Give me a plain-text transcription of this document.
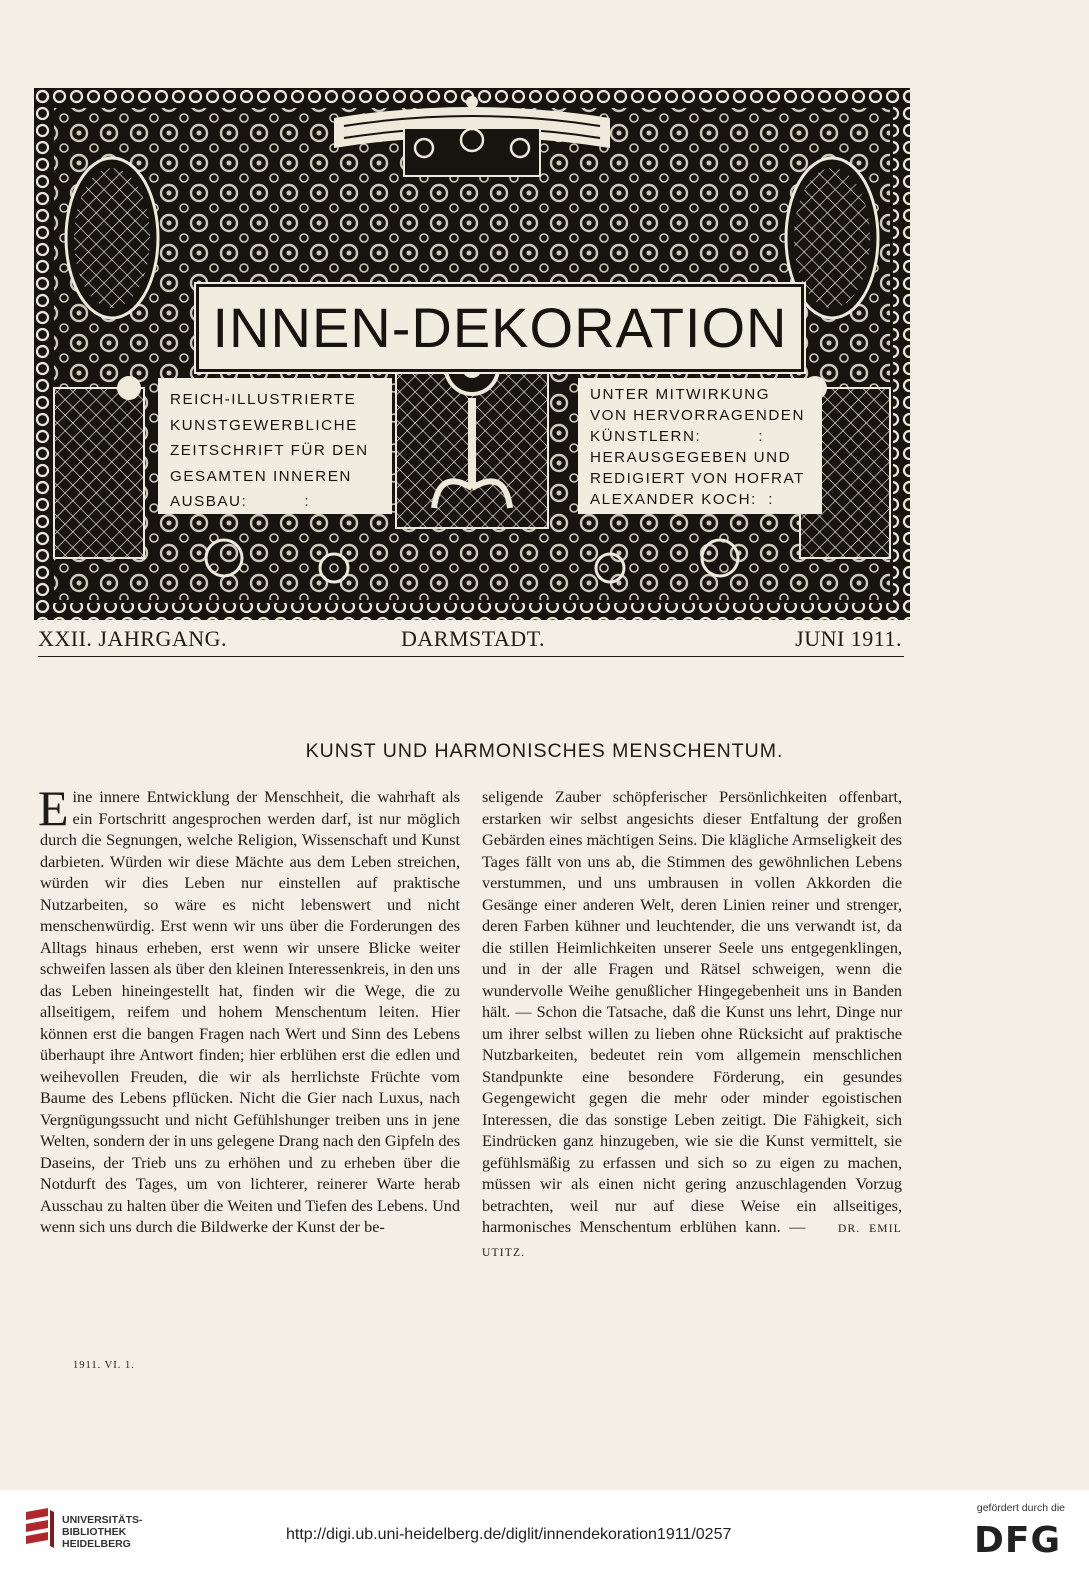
INNEN-DEKORATION
REICH-ILLUSTRIERTE
KUNSTGEWERBLICHE
ZEITSCHRIFT FÜR DEN
GESAMTEN INNEREN
AUSBAU:          :
UNTER MITWIRKUNG
VON HERVORRAGENDEN
KÜNSTLERN:          :
HERAUSGEGEBEN UND
REDIGIERT VON HOFRAT
ALEXANDER KOCH:  :
XXII. JAHRGANG.	DARMSTADT.	JUNI 1911.
KUNST UND HARMONISCHES MENSCHENTUM.

E ine innere Entwicklung der Menschheit, die wahrhaft als ein Fortschritt angesprochen werden darf, ist nur möglich durch die Segnungen, welche Religion, Wissenschaft und Kunst darbieten. Würden wir diese Mächte aus dem Leben streichen, würden wir dies Leben nur einstellen auf praktische Nutzarbeiten, so wäre es nicht lebenswert und nicht menschenwürdig. Erst wenn wir uns über die Forderungen des Alltags hinaus erheben, erst wenn wir unsere Blicke weiter schweifen lassen als über den kleinen Interessenkreis, in den uns das Leben hineingestellt hat, finden wir die Wege, die zu allseitigem, reifem und hohem Menschentum leiten. Hier können erst die bangen Fragen nach Wert und Sinn des Lebens überhaupt ihre Antwort finden; hier erblühen erst die edlen und weihevollen Freuden, die wir als herrlichste Früchte vom Baume des Lebens pflücken. Nicht die Gier nach Luxus, nach Vergnügungssucht und nicht Gefühlshunger treiben uns in jene Welten, sondern der in uns gelegene Drang nach den Gipfeln des Daseins, der Trieb uns zu erhöhen und zu erheben über die Notdurft des Tages, um von lichterer, reinerer Warte herab Ausschau zu halten über die Weiten und Tiefen des Lebens. Und wenn sich uns durch die Bildwerke der Kunst der be-

seligende Zauber schöpferischer Persönlichkeiten offenbart, erstarken wir selbst angesichts dieser Entfaltung der großen Gebärden eines mächtigen Seins. Die klägliche Armseligkeit des Tages fällt von uns ab, die Stimmen des gewöhnlichen Lebens verstummen, und uns umbrausen in vollen Akkorden die Gesänge einer anderen Welt, deren Linien reiner und strenger, deren Farben kühner und leuchtender, die uns verwandt ist, da die stillen Heimlichkeiten unserer Seele uns entgegenklingen, und in der alle Fragen und Rätsel schweigen, wenn die wundervolle Weihe genußlicher Hingegebenheit uns in Banden hält. — Schon die Tatsache, daß die Kunst uns lehrt, Dinge nur um ihrer selbst willen zu lieben ohne Rücksicht auf praktische Nutzbarkeiten, bedeutet rein vom allgemein menschlichen Standpunkte eine besondere Förderung, ein gesundes Gegengewicht gegen die mehr oder minder egoistischen Interessen, die das sonstige Leben zeitigt. Die Fähigkeit, sich Eindrücken ganz hinzugeben, wie sie die Kunst vermittelt, sie gefühlsmäßig zu erfassen und sich so zu eigen zu machen, müssen wir als einen nicht gering anzuschlagenden Vorzug betrachten, weil nur auf diese Weise ein allseitiges, harmonisches Menschentum erblühen kann. —	DR. EMIL UTITZ.

1911. VI. 1.
UNIVERSITÄTS-
BIBLIOTHEK
HEIDELBERG
http://digi.ub.uni-heidelberg.de/diglit/innendekoration1911/0257
gefördert durch die
DFG
